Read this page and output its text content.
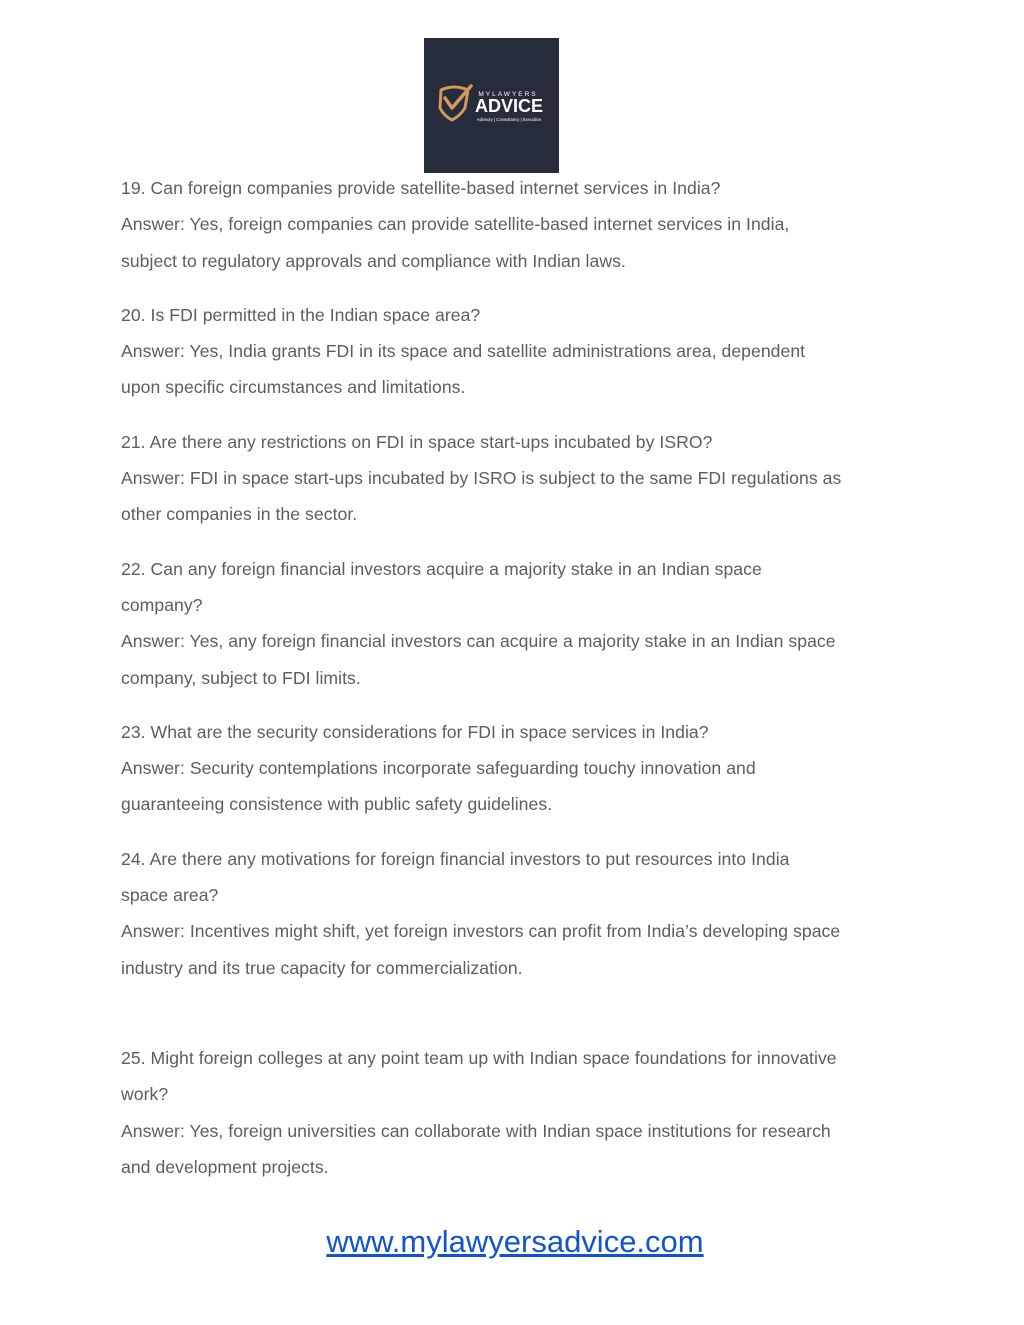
MYLAWYERS
ADVICE
Advisory | Consultancy | Execution
19. Can foreign companies provide satellite-based internet services in India?
Answer: Yes, foreign companies can provide satellite-based internet services in India,
subject to regulatory approvals and compliance with Indian laws.
20. Is FDI permitted in the Indian space area?
Answer: Yes, India grants FDI in its space and satellite administrations area, dependent
upon specific circumstances and limitations.
21. Are there any restrictions on FDI in space start-ups incubated by ISRO?
Answer: FDI in space start-ups incubated by ISRO is subject to the same FDI regulations as
other companies in the sector.
22. Can any foreign financial investors acquire a majority stake in an Indian space
company?
Answer: Yes, any foreign financial investors can acquire a majority stake in an Indian space
company, subject to FDI limits.
23. What are the security considerations for FDI in space services in India?
Answer: Security contemplations incorporate safeguarding touchy innovation and
guaranteeing consistence with public safety guidelines.
24. Are there any motivations for foreign financial investors to put resources into India
space area?
Answer: Incentives might shift, yet foreign investors can profit from India’s developing space
industry and its true capacity for commercialization.
25. Might foreign colleges at any point team up with Indian space foundations for innovative
work?
Answer: Yes, foreign universities can collaborate with Indian space institutions for research
and development projects.
www.mylawyersadvice.com
